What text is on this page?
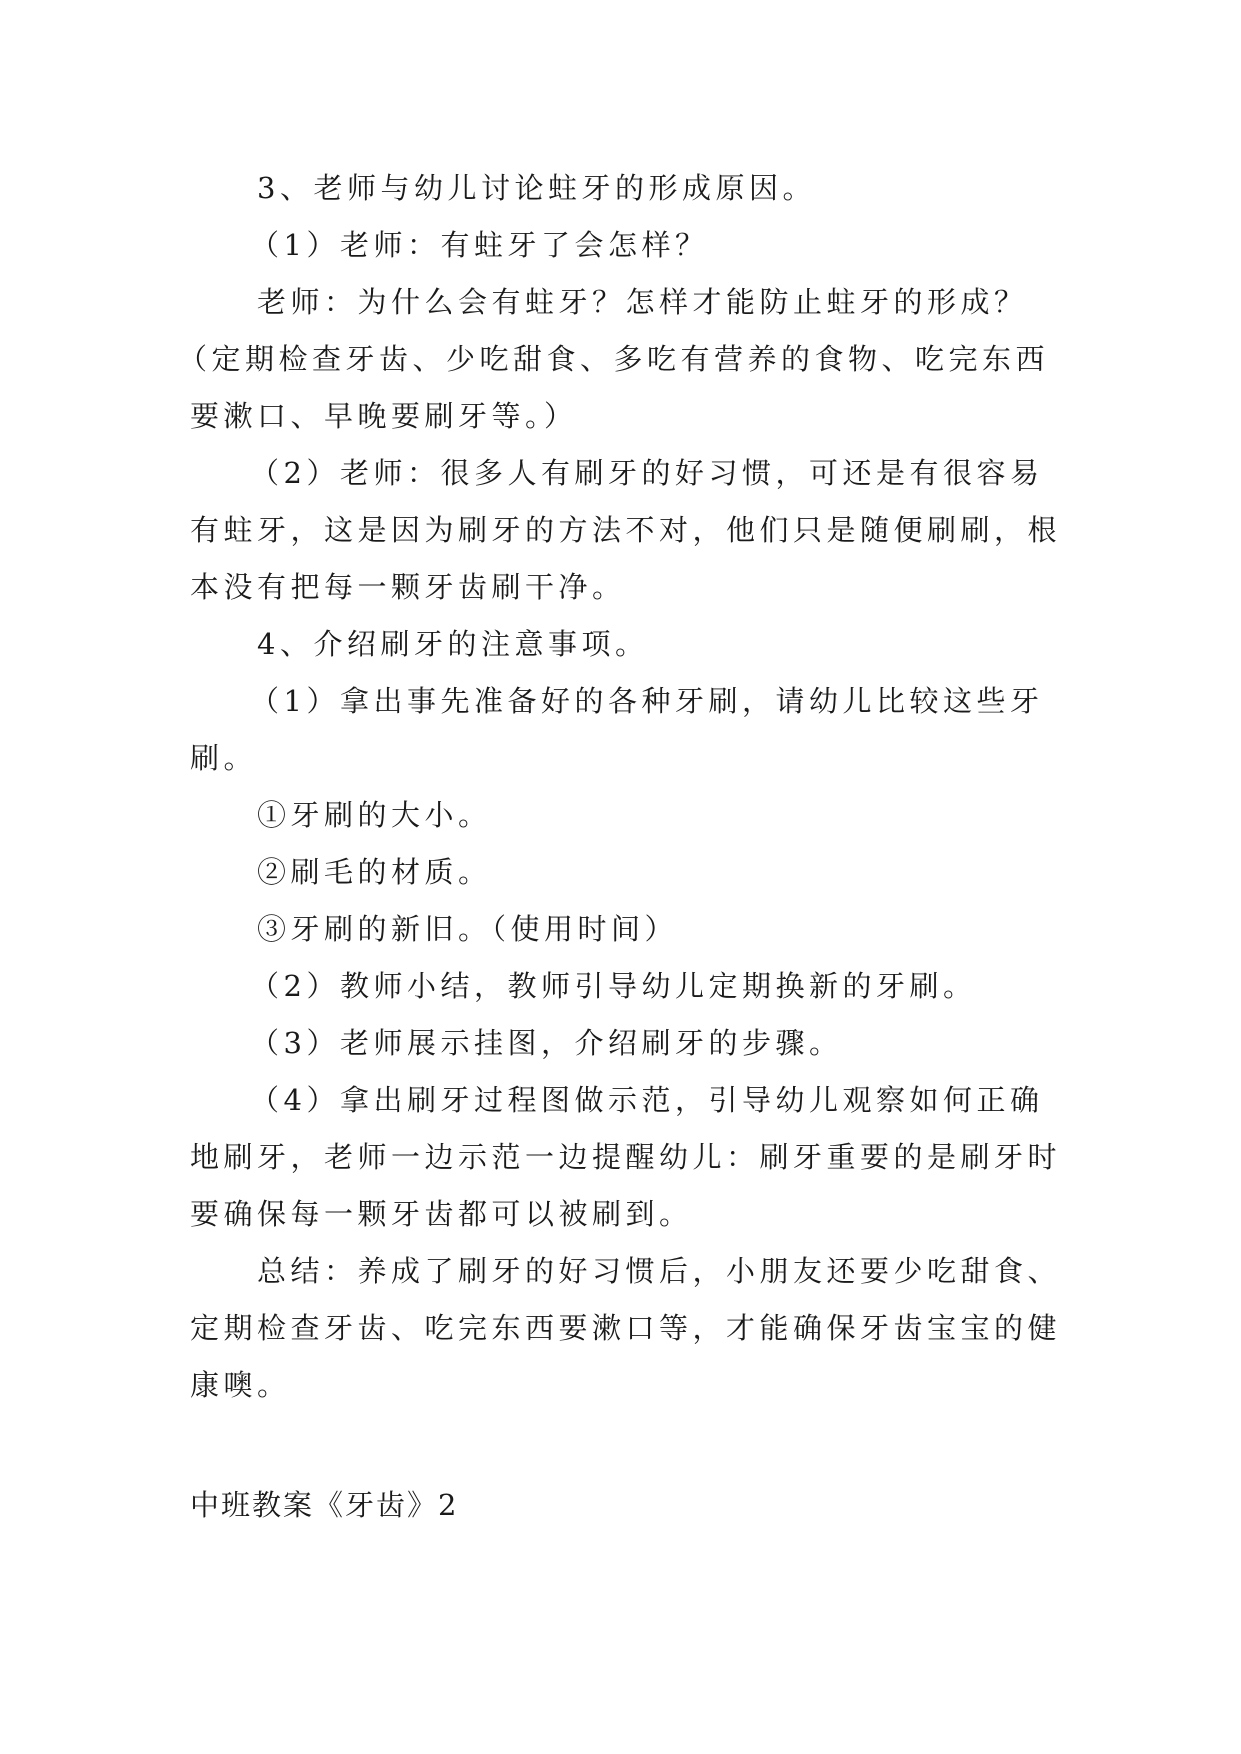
3、老师与幼儿讨论蛀牙的形成原因。
（1）老师：有蛀牙了会怎样？
老师：为什么会有蛀牙？怎样才能防止蛀牙的形成？
（定期检查牙齿、少吃甜食、多吃有营养的食物、吃完东西
要漱口、早晚要刷牙等。）
（2）老师：很多人有刷牙的好习惯，可还是有很容易
有蛀牙，这是因为刷牙的方法不对，他们只是随便刷刷，根
本没有把每一颗牙齿刷干净。
4、介绍刷牙的注意事项。
（1）拿出事先准备好的各种牙刷，请幼儿比较这些牙
刷。
①牙刷的大小。
②刷毛的材质。
③牙刷的新旧。（使用时间）
（2）教师小结，教师引导幼儿定期换新的牙刷。
（3）老师展示挂图，介绍刷牙的步骤。
（4）拿出刷牙过程图做示范，引导幼儿观察如何正确
地刷牙，老师一边示范一边提醒幼儿：刷牙重要的是刷牙时
要确保每一颗牙齿都可以被刷到。
总结：养成了刷牙的好习惯后，小朋友还要少吃甜食、
定期检查牙齿、吃完东西要漱口等，才能确保牙齿宝宝的健
康噢。
中班教案《牙齿》2
